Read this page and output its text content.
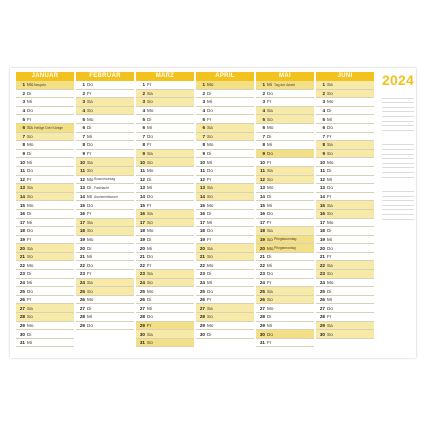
JANUAR
1 Mo Neujahr
2 Di
3 Mi
4 Do
5 Fr
6 Sa Heilige Drei Könige
7 So
8 Mo
9 Di
10 Mi
11 Do
12 Fr
13 Sa
14 So
15 Mo
16 Di
17 Mi
18 Do
19 Fr
20 Sa
21 So
22 Mo
23 Di
24 Mi
25 Do
26 Fr
27 Sa
28 So
29 Mo
30 Di
31 Mi
FEBRUAR
1 Do
2 Fr
3 Sa
4 So
5 Mo
6 Di
7 Mi
8 Do
9 Fr
10 Sa
11 So
12 Mo Rosenmontag
13 Di Fastnacht
14 Mi Aschermittwoch
15 Do
16 Fr
17 Sa
18 So
19 Mo
20 Di
21 Mi
22 Do
23 Fr
24 Sa
25 So
26 Mo
27 Di
28 Mi
29 Do
MÄRZ
1 Fr
2 Sa
3 So
4 Mo
5 Di
6 Mi
7 Do
8 Fr
9 Sa
10 So
11 Mo
12 Di
13 Mi
14 Do
15 Fr
16 Sa
17 So
18 Mo
19 Di
20 Mi
21 Do
22 Fr
23 Sa
24 So
25 Mo
26 Di
27 Mi
28 Do
29 Fr
30 Sa
31 So
APRIL
1 Mo
2 Di
3 Mi
4 Do
5 Fr
6 Sa
7 So
8 Mo
9 Di
10 Mi
11 Do
12 Fr
13 Sa
14 So
15 Mo
16 Di
17 Mi
18 Do
19 Fr
20 Sa
21 So
22 Mo
23 Di
24 Mi
25 Do
26 Fr
27 Sa
28 So
29 Mo
30 Di
MAI
1 Mi Tag der Arbeit
2 Do
3 Fr
4 Sa
5 So
6 Mo
7 Di
8 Mi
9 Do
10 Fr
11 Sa
12 So
13 Mo
14 Di
15 Mi
16 Do
17 Fr
18 Sa
19 So Pfingstsonntag
20 Mo Pfingstmontag
21 Di
22 Mi
23 Do
24 Fr
25 Sa
26 So
27 Mo
28 Di
29 Mi
30 Do
31 Fr
JUNI
1 Sa
2 So
3 Mo
4 Di
5 Mi
6 Do
7 Fr
8 Sa
9 So
10 Mo
11 Di
12 Mi
13 Do
14 Fr
15 Sa
16 So
17 Mo
18 Di
19 Mi
20 Do
21 Fr
22 Sa
23 So
24 Mo
25 Di
26 Mi
27 Do
28 Fr
29 Sa
30 So
2024
